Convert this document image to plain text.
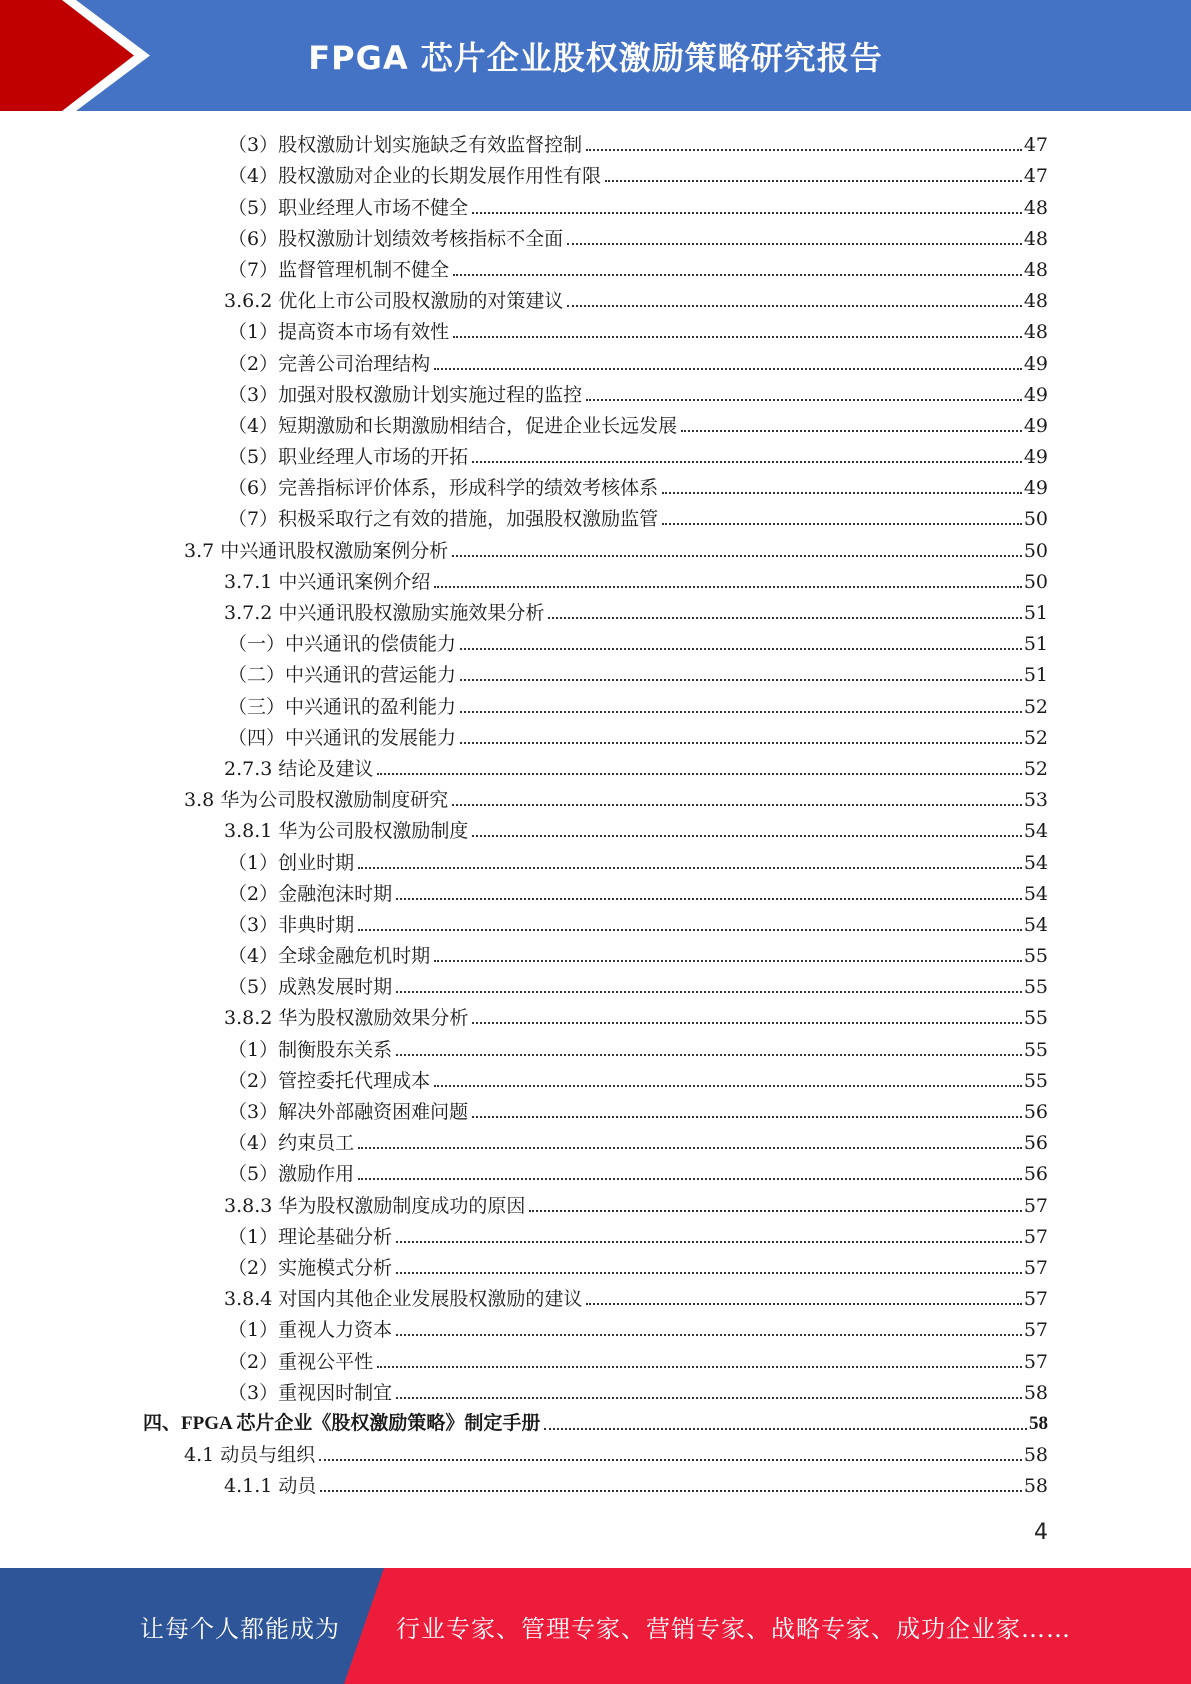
FPGA 芯片企业股权激励策略研究报告
（3）股权激励计划实施缺乏有效监督控制	47
（4）股权激励对企业的长期发展作用性有限	47
（5）职业经理人市场不健全	48
（6）股权激励计划绩效考核指标不全面	48
（7）监督管理机制不健全	48
3.6.2 优化上市公司股权激励的对策建议	48
（1）提高资本市场有效性	48
（2）完善公司治理结构	49
（3）加强对股权激励计划实施过程的监控	49
（4）短期激励和长期激励相结合，促进企业长远发展	49
（5）职业经理人市场的开拓	49
（6）完善指标评价体系，形成科学的绩效考核体系	49
（7）积极采取行之有效的措施，加强股权激励监管	50
3.7 中兴通讯股权激励案例分析	50
3.7.1 中兴通讯案例介绍	50
3.7.2 中兴通讯股权激励实施效果分析	51
（一）中兴通讯的偿债能力	51
（二）中兴通讯的营运能力	51
（三）中兴通讯的盈利能力	52
（四）中兴通讯的发展能力	52
2.7.3 结论及建议	52
3.8 华为公司股权激励制度研究	53
3.8.1 华为公司股权激励制度	54
（1）创业时期	54
（2）金融泡沫时期	54
（3）非典时期	54
（4）全球金融危机时期	55
（5）成熟发展时期	55
3.8.2 华为股权激励效果分析	55
（1）制衡股东关系	55
（2）管控委托代理成本	55
（3）解决外部融资困难问题	56
（4）约束员工	56
（5）激励作用	56
3.8.3 华为股权激励制度成功的原因	57
（1）理论基础分析	57
（2）实施模式分析	57
3.8.4 对国内其他企业发展股权激励的建议	57
（1）重视人力资本	57
（2）重视公平性	57
（3）重视因时制宜	58
四、FPGA 芯片企业《股权激励策略》制定手册	58
4.1 动员与组织	58
4.1.1 动员	58
4
让每个人都能成为 行业专家、管理专家、营销专家、战略专家、成功企业家……
